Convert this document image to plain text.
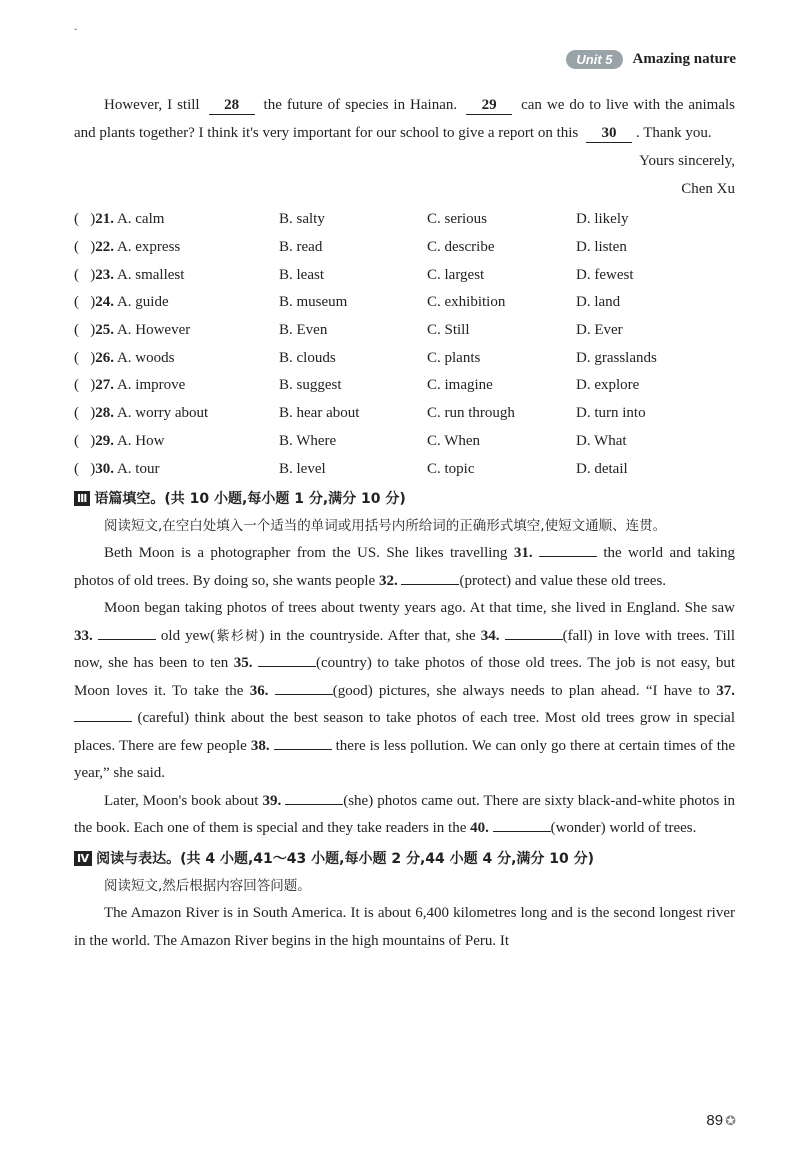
ˇ
Unit 5	Amazing nature

However, I still 28 the future of species in Hainan. 29 can we do to live with the animals and plants together? I think it's very important for our school to give a report on this 30 . Thank you.

Yours sincerely,
Chen Xu
( )21. A. calm	B. salty	C. serious	D. likely
( )22. A. express	B. read	C. describe	D. listen
( )23. A. smallest	B. least	C. largest	D. fewest
( )24. A. guide	B. museum	C. exhibition	D. land
( )25. A. However	B. Even	C. Still	D. Ever
( )26. A. woods	B. clouds	C. plants	D. grasslands
( )27. A. improve	B. suggest	C. imagine	D. explore
( )28. A. worry about	B. hear about	C. run through	D. turn into
( )29. A. How	B. Where	C. When	D. What
( )30. A. tour	B. level	C. topic	D. detail
Ⅲ 语篇填空。(共 10 小题,每小题 1 分,满分 10 分)

阅读短文,在空白处填入一个适当的单词或用括号内所给词的正确形式填空,使短文通顺、连贯。

Beth Moon is a photographer from the US. She likes travelling 31.	the world and taking photos of old trees. By doing so, she wants people 32.	(protect) and value these old trees.

Moon began taking photos of trees about twenty years ago. At that time, she lived in England. She saw 33.	old yew(紫杉树) in the countryside. After that, she 34.	(fall) in love with trees. Till now, she has been to ten 35.	(country) to take photos of those old trees. The job is not easy, but Moon loves it. To take the 36.	(good) pictures, she always needs to plan ahead. “I have to 37.  (careful) think about the best season to take photos of each tree. Most old trees grow in special places. There are few people 38.	there is less pollution. We can only go there at certain times of the year,” she said.

Later, Moon's book about 39.	(she) photos came out. There are sixty black-and-white photos in the book. Each one of them is special and they take readers in the 40.	(wonder) world of trees.

Ⅳ 阅读与表达。(共 4 小题,41～43 小题,每小题 2 分,44 小题 4 分,满分 10 分)

阅读短文,然后根据内容回答问题。

The Amazon River is in South America. It is about 6,400 kilometres long and is the second longest river in the world. The Amazon River begins in the high mountains of Peru. It

89 ✪
